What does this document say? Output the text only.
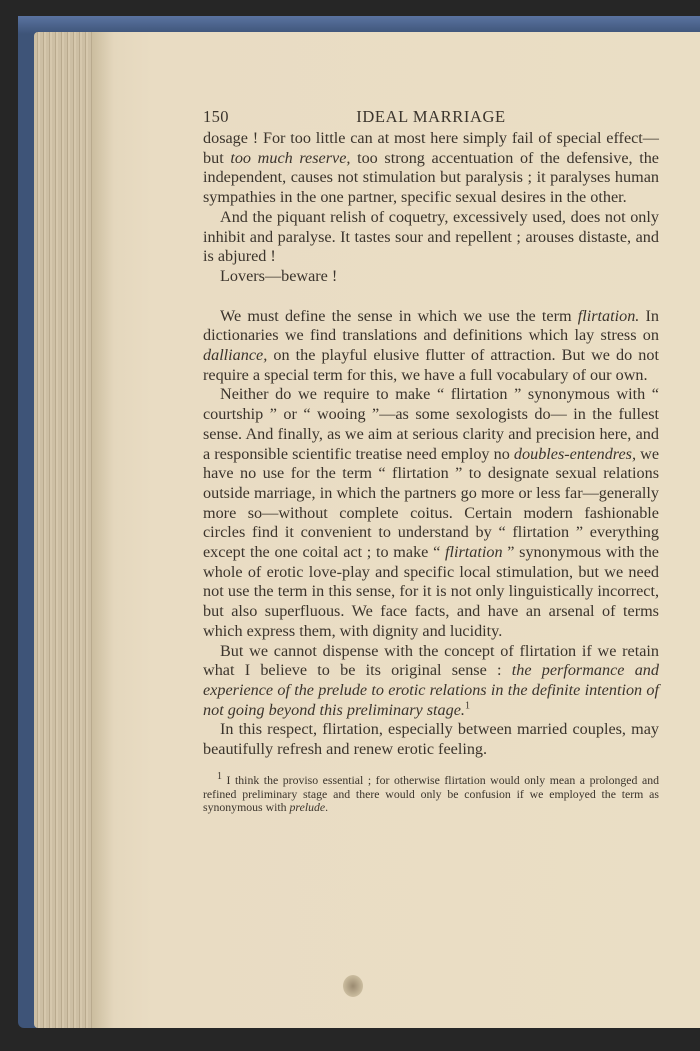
150	IDEAL MARRIAGE

dosage ! For too little can at most here simply fail of special effect—but too much reserve, too strong accentuation of the defensive, the independent, causes not stimulation but paralysis ; it paralyses human sympathies in the one partner, specific sexual desires in the other.

And the piquant relish of coquetry, excessively used, does not only inhibit and paralyse. It tastes sour and repellent ; arouses distaste, and is abjured !

Lovers—beware !

We must define the sense in which we use the term flirtation. In dictionaries we find translations and definitions which lay stress on dalliance, on the playful elusive flutter of attraction. But we do not require a special term for this, we have a full vocabulary of our own.

Neither do we require to make “ flirtation ” synonymous with “ courtship ” or “ wooing ”—as some sexologists do— in the fullest sense. And finally, as we aim at serious clarity and precision here, and a responsible scientific treatise need employ no doubles-entendres, we have no use for the term “ flirtation ” to designate sexual relations outside marriage, in which the partners go more or less far—generally more so—without complete coitus. Certain modern fashionable circles find it convenient to understand by “ flirtation ” everything except the one coital act ; to make “ flirtation ” synonymous with the whole of erotic love-play and specific local stimulation, but we need not use the term in this sense, for it is not only linguistically incorrect, but also superfluous. We face facts, and have an arsenal of terms which express them, with dignity and lucidity.

But we cannot dispense with the concept of flirtation if we retain what I believe to be its original sense : the performance and experience of the prelude to erotic relations in the definite intention of not going beyond this preliminary stage.$^1$

In this respect, flirtation, especially between married couples, may beautifully refresh and renew erotic feeling.

$^1$ I think the proviso essential ; for otherwise flirtation would only mean a prolonged and refined preliminary stage and there would only be confusion if we employed the term as synonymous with prelude.
